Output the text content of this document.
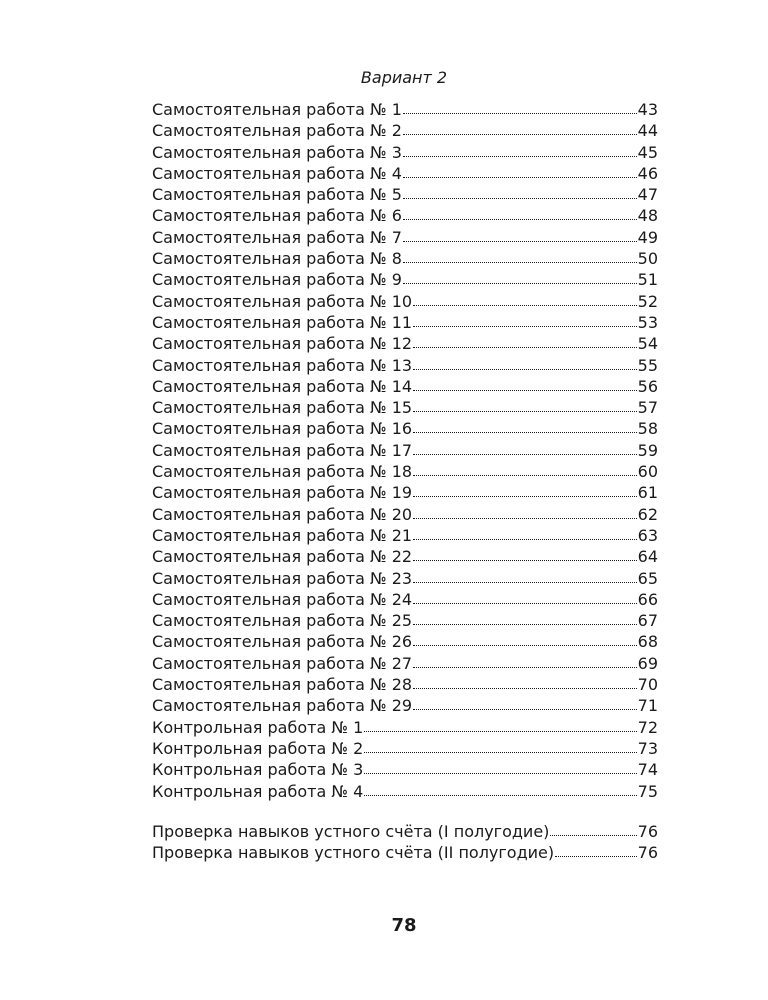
Вариант 2
Самостоятельная работа № 1	43
Самостоятельная работа № 2	44
Самостоятельная работа № 3	45
Самостоятельная работа № 4	46
Самостоятельная работа № 5	47
Самостоятельная работа № 6	48
Самостоятельная работа № 7	49
Самостоятельная работа № 8	50
Самостоятельная работа № 9	51
Самостоятельная работа № 10	52
Самостоятельная работа № 11	53
Самостоятельная работа № 12	54
Самостоятельная работа № 13	55
Самостоятельная работа № 14	56
Самостоятельная работа № 15	57
Самостоятельная работа № 16	58
Самостоятельная работа № 17	59
Самостоятельная работа № 18	60
Самостоятельная работа № 19	61
Самостоятельная работа № 20	62
Самостоятельная работа № 21	63
Самостоятельная работа № 22	64
Самостоятельная работа № 23	65
Самостоятельная работа № 24	66
Самостоятельная работа № 25	67
Самостоятельная работа № 26	68
Самостоятельная работа № 27	69
Самостоятельная работа № 28	70
Самостоятельная работа № 29	71
Контрольная работа № 1	72
Контрольная работа № 2	73
Контрольная работа № 3	74
Контрольная работа № 4	75
Проверка навыков устного счёта (I полугодие)	76
Проверка навыков устного счёта (II полугодие)	76
78
